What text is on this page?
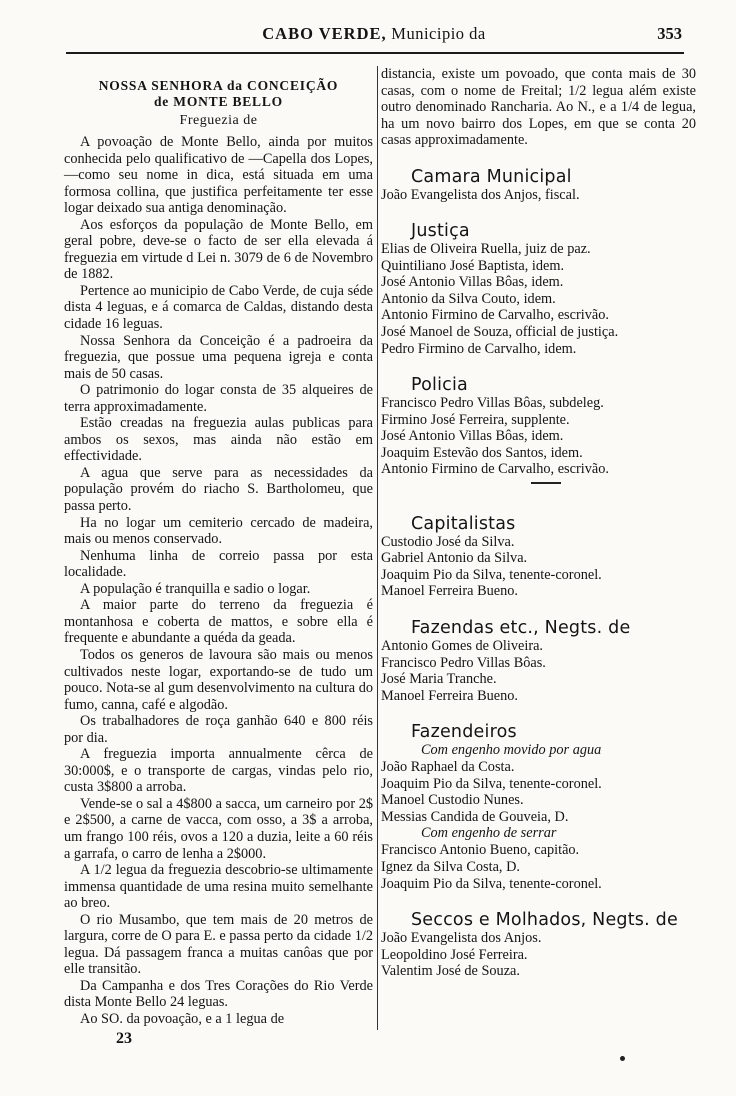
CABO VERDE, Municipio da	353

NOSSA SENHORA da CONCEIÇÃO

de MONTE BELLO

Freguezia de

A povoação de Monte Bello, ainda por muitos conhecida pelo qualificativo de —Capella dos Lopes,—como seu nome in dica, está situada em uma formosa collina, que justifica perfeitamente ter esse logar deixado sua antiga denominação.

Aos esforços da população de Monte Bello, em geral pobre, deve-se o facto de ser ella elevada á freguezia em virtude d Lei n. 3079 de 6 de Novembro de 1882.

Pertence ao municipio de Cabo Verde, de cuja séde dista 4 leguas, e á comarca de Caldas, distando desta cidade 16 leguas.

Nossa Senhora da Conceição é a padroeira da freguezia, que possue uma pequena igreja e conta mais de 50 casas.

O patrimonio do logar consta de 35 alqueires de terra approximadamente.

Estão creadas na freguezia aulas publicas para ambos os sexos, mas ainda não estão em effectividade.

A agua que serve para as necessidades da população provém do riacho S. Bartholomeu, que passa perto.

Ha no logar um cemiterio cercado de madeira, mais ou menos conservado.

Nenhuma linha de correio passa por esta localidade.

A população é tranquilla e sadio o logar.

A maior parte do terreno da freguezia é montanhosa e coberta de mattos, e sobre ella é frequente e abundante a quéda da geada.

Todos os generos de lavoura são mais ou menos cultivados neste logar, exportando-se de tudo um pouco. Nota-se al gum desenvolvimento na cultura do fumo, canna, café e algodão.

Os trabalhadores de roça ganhão 640 e 800 réis por dia.

A freguezia importa annualmente cêrca de 30:000$, e o transporte de cargas, vindas pelo rio, custa 3$800 a arroba.

Vende-se o sal a 4$800 a sacca, um carneiro por 2$ e 2$500, a carne de vacca, com osso, a 3$ a arroba, um frango 100 réis, ovos a 120 a duzia, leite a 60 réis a garrafa, o carro de lenha a 2$000.

A 1/2 legua da freguezia descobrio-se ultimamente immensa quantidade de uma resina muito semelhante ao breo.

O rio Musambo, que tem mais de 20 metros de largura, corre de O para E. e passa perto da cidade 1/2 legua. Dá passagem franca a muitas canôas que por elle transitão.

Da Campanha e dos Tres Corações do Rio Verde dista Monte Bello 24 leguas.

Ao SO. da povoação, e a 1 legua de

distancia, existe um povoado, que conta mais de 30 casas, com o nome de Freital; 1/2 legua além existe outro denominado Rancharia. Ao N., e a 1/4 de legua, ha um novo bairro dos Lopes, em que se conta 20 casas approximadamente.

Camara Municipal

João Evangelista dos Anjos, fiscal.

Justiça

Elias de Oliveira Ruella, juiz de paz.

Quintiliano José Baptista, idem.

José Antonio Villas Bôas, idem.

Antonio da Silva Couto, idem.

Antonio Firmino de Carvalho, escrivão.

José Manoel de Souza, official de justiça.

Pedro Firmino de Carvalho, idem.

Policia

Francisco Pedro Villas Bôas, subdeleg.

Firmino José Ferreira, supplente.

José Antonio Villas Bôas, idem.

Joaquim Estevão dos Santos, idem.

Antonio Firmino de Carvalho, escrivão.

Capitalistas

Custodio José da Silva.

Gabriel Antonio da Silva.

Joaquim Pio da Silva, tenente-coronel.

Manoel Ferreira Bueno.

Fazendas etc., Negts. de

Antonio Gomes de Oliveira.

Francisco Pedro Villas Bôas.

José Maria Tranche.

Manoel Ferreira Bueno.

Fazendeiros

Com engenho movido por agua

João Raphael da Costa.

Joaquim Pio da Silva, tenente-coronel.

Manoel Custodio Nunes.

Messias Candida de Gouveia, D.

Com engenho de serrar

Francisco Antonio Bueno, capitão.

Ignez da Silva Costa, D.

Joaquim Pio da Silva, tenente-coronel.

Seccos e Molhados, Negts. de

João Evangelista dos Anjos.

Leopoldino José Ferreira.

Valentim José de Souza.

23
